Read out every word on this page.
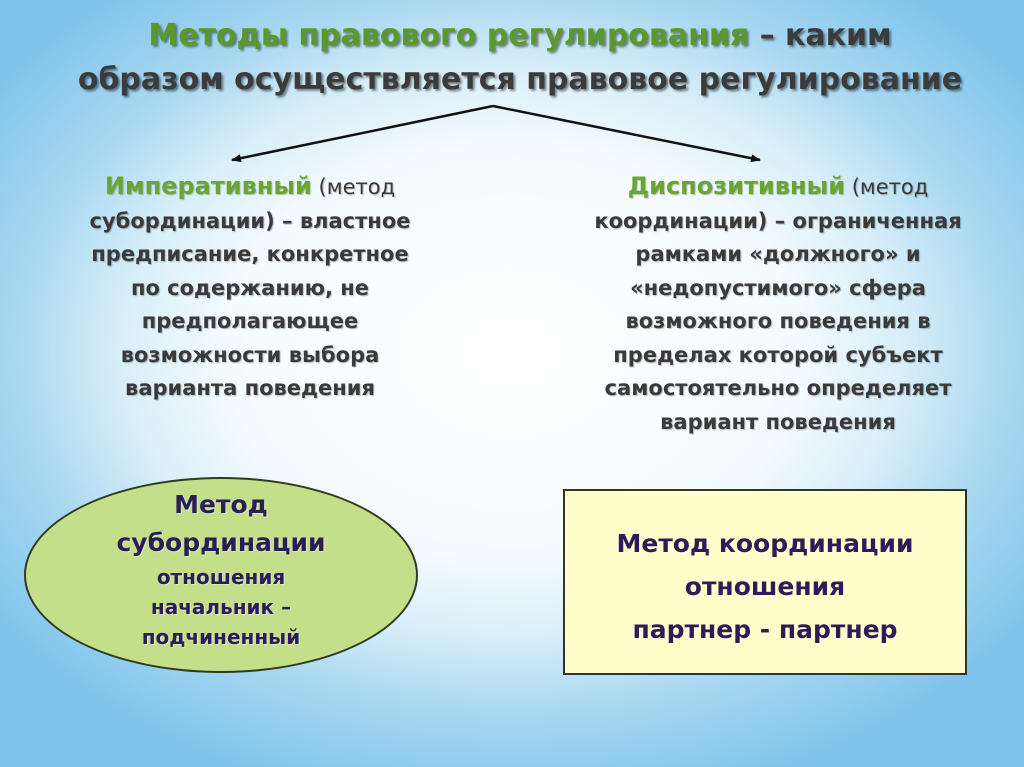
Методы правового регулирования – каким
образом осуществляется правовое регулирование
Императивный (метод
субординации) – властное
предписание, конкретное
по содержанию, не
предполагающее
возможности выбора
варианта поведения
Диспозитивный (метод
координации) – ограниченная
рамками «должного» и
«недопустимого» сфера
возможного поведения в
пределах которой субъект
самостоятельно определяет
вариант поведения
Метод
субординации
отношения
начальник –
подчиненный
Метод координации
отношения
партнер - партнер
